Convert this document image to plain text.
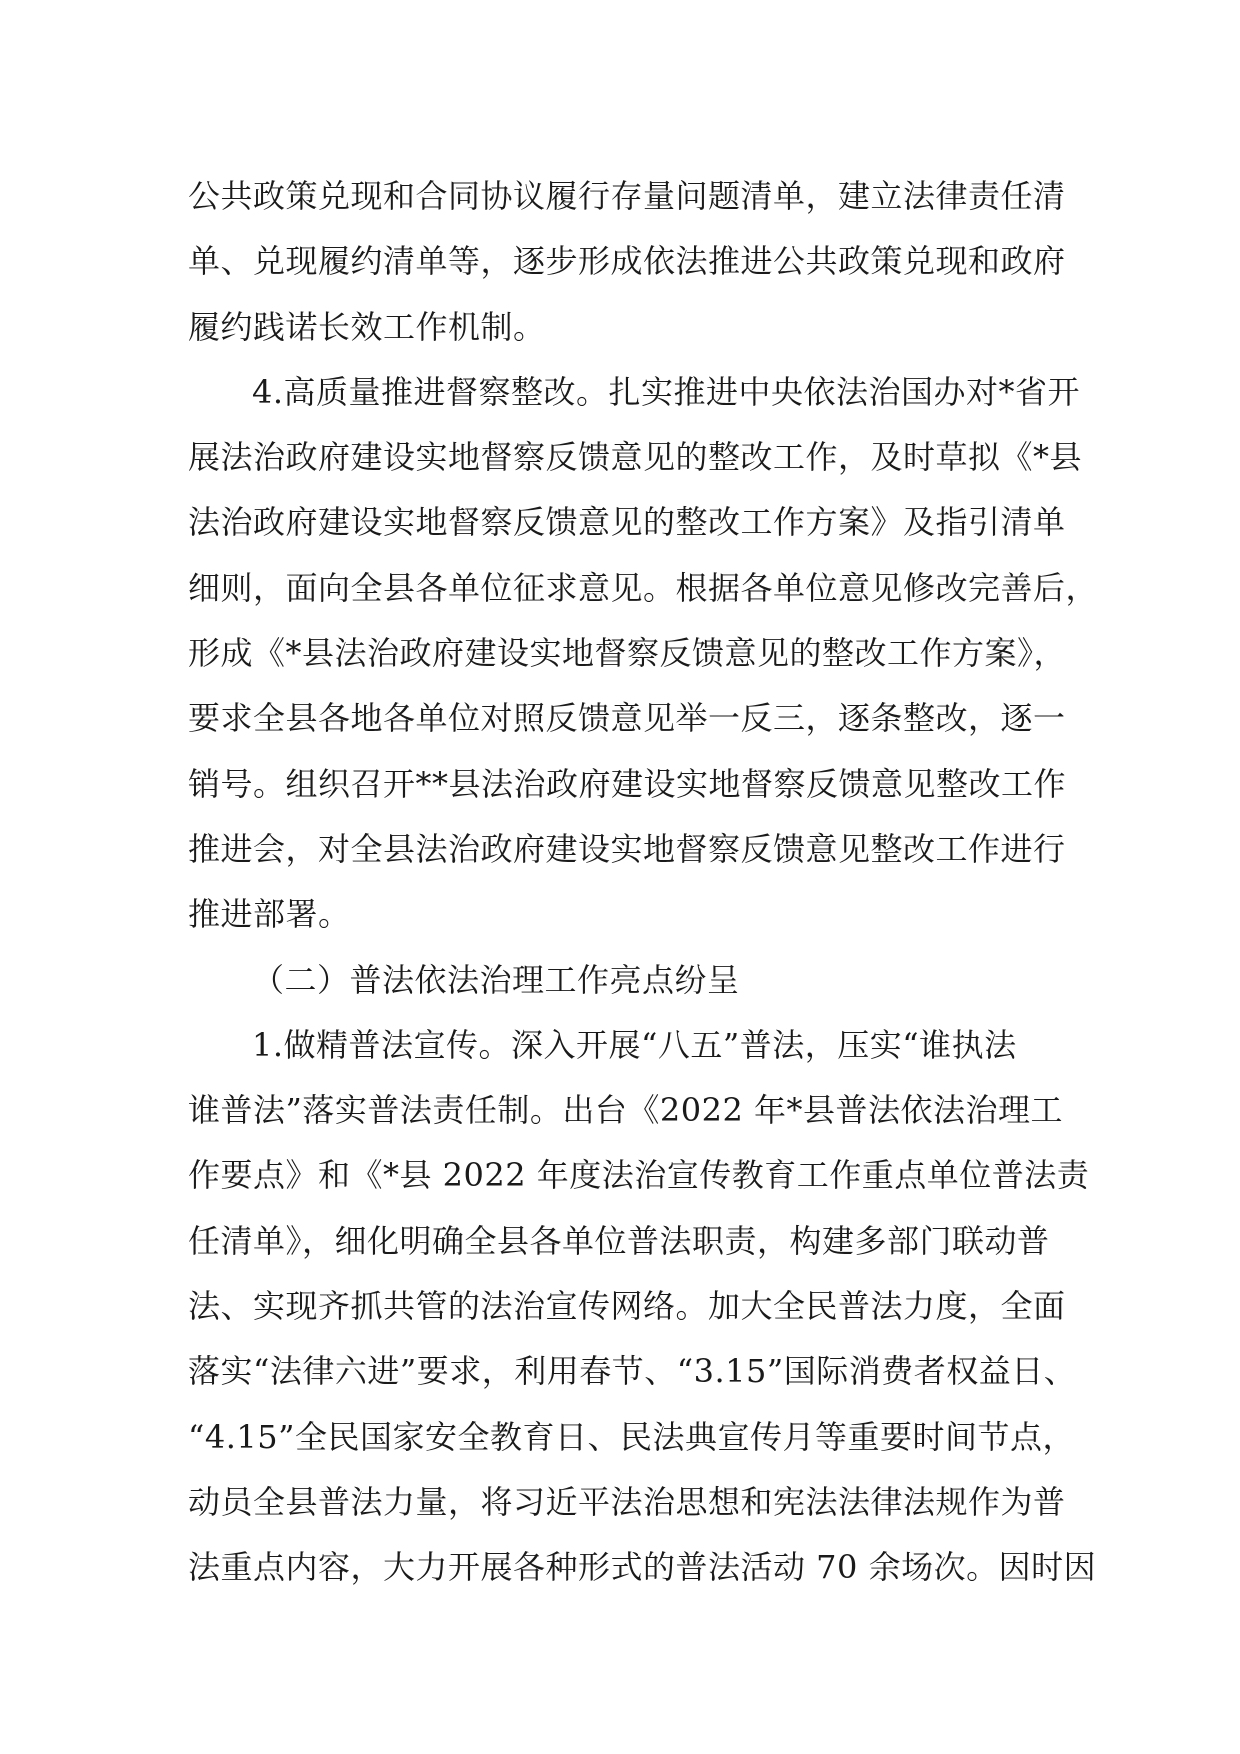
公共政策兑现和合同协议履行存量问题清单，建立法律责任清
单、兑现履约清单等，逐步形成依法推进公共政策兑现和政府
履约践诺长效工作机制。
4.高质量推进督察整改。扎实推进中央依法治国办对*省开
展法治政府建设实地督察反馈意见的整改工作，及时草拟《*县
法治政府建设实地督察反馈意见的整改工作方案》及指引清单
细则，面向全县各单位征求意见。根据各单位意见修改完善后，
形成《*县法治政府建设实地督察反馈意见的整改工作方案》，
要求全县各地各单位对照反馈意见举一反三，逐条整改，逐一
销号。组织召开**县法治政府建设实地督察反馈意见整改工作
推进会，对全县法治政府建设实地督察反馈意见整改工作进行
推进部署。
（二）普法依法治理工作亮点纷呈
1.做精普法宣传。深入开展“八五”普法，压实“谁执法
谁普法”落实普法责任制。出台《2022 年*县普法依法治理工
作要点》和《*县 2022 年度法治宣传教育工作重点单位普法责
任清单》，细化明确全县各单位普法职责，构建多部门联动普
法、实现齐抓共管的法治宣传网络。加大全民普法力度，全面
落实“法律六进”要求，利用春节、“3.15”国际消费者权益日、
“4.15”全民国家安全教育日、民法典宣传月等重要时间节点，
动员全县普法力量，将习近平法治思想和宪法法律法规作为普
法重点内容，大力开展各种形式的普法活动 70 余场次。因时因
